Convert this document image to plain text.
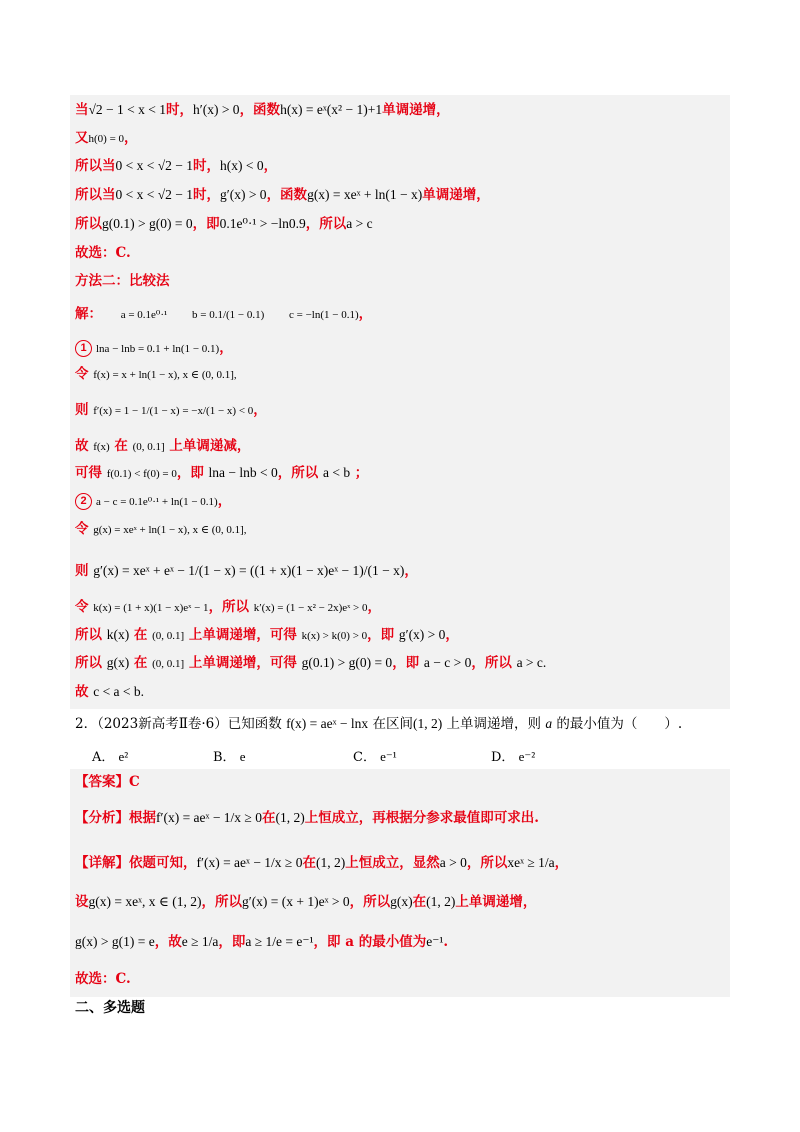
当√2 − 1 < x < 1时，h′(x) > 0，函数h(x) = eˣ(x² − 1)+1单调递增，
又h(0) = 0，
所以当0 < x < √2 − 1时，h(x) < 0，
所以当0 < x < √2 − 1时，g′(x) > 0，函数g(x) = xeˣ + ln(1 − x)单调递增，
所以g(0.1) > g(0) = 0，即0.1e⁰·¹ > −ln0.9，所以a > c
故选：C.
方法二：比较法
解： a = 0.1e⁰·¹ b = 0.1/(1 − 0.1) c = −ln(1 − 0.1)，
1 lna − lnb = 0.1 + ln(1 − 0.1)，
令 f(x) = x + ln(1 − x), x ∈ (0, 0.1],
则 f′(x) = 1 − 1/(1 − x) = −x/(1 − x) < 0，
故 f(x) 在 (0, 0.1] 上单调递减，
可得 f(0.1) < f(0) = 0，即 lna − lnb < 0，所以 a < b ；
2 a − c = 0.1e⁰·¹ + ln(1 − 0.1)，
令 g(x) = xeˣ + ln(1 − x), x ∈ (0, 0.1],
则 g′(x) = xeˣ + eˣ − 1/(1 − x) = ((1 + x)(1 − x)eˣ − 1)/(1 − x)，
令 k(x) = (1 + x)(1 − x)eˣ − 1，所以 k′(x) = (1 − x² − 2x)eˣ > 0，
所以 k(x) 在 (0, 0.1] 上单调递增，可得 k(x) > k(0) > 0，即 g′(x) > 0，
所以 g(x) 在 (0, 0.1] 上单调递增，可得 g(0.1) > g(0) = 0，即 a − c > 0，所以 a > c.
故 c < a < b.
2．（2023新高考Ⅱ卷·6）已知函数 f(x) = aeˣ − lnx 在区间(1, 2) 上单调递增，则 a 的最小值为（　　）.
A． e²	B． e	C． e⁻¹	D． e⁻²
【答案】C
【分析】根据f′(x) = aeˣ − 1/x ≥ 0在(1, 2)上恒成立，再根据分参求最值即可求出.
【详解】依题可知，f′(x) = aeˣ − 1/x ≥ 0在(1, 2)上恒成立，显然a > 0，所以xeˣ ≥ 1/a，
设g(x) = xeˣ, x ∈ (1, 2)，所以g′(x) = (x + 1)eˣ > 0，所以g(x)在(1, 2)上单调递增，
g(x) > g(1) = e，故e ≥ 1/a，即a ≥ 1/e = e⁻¹，即 a 的最小值为e⁻¹.
故选：C.
二、多选题
